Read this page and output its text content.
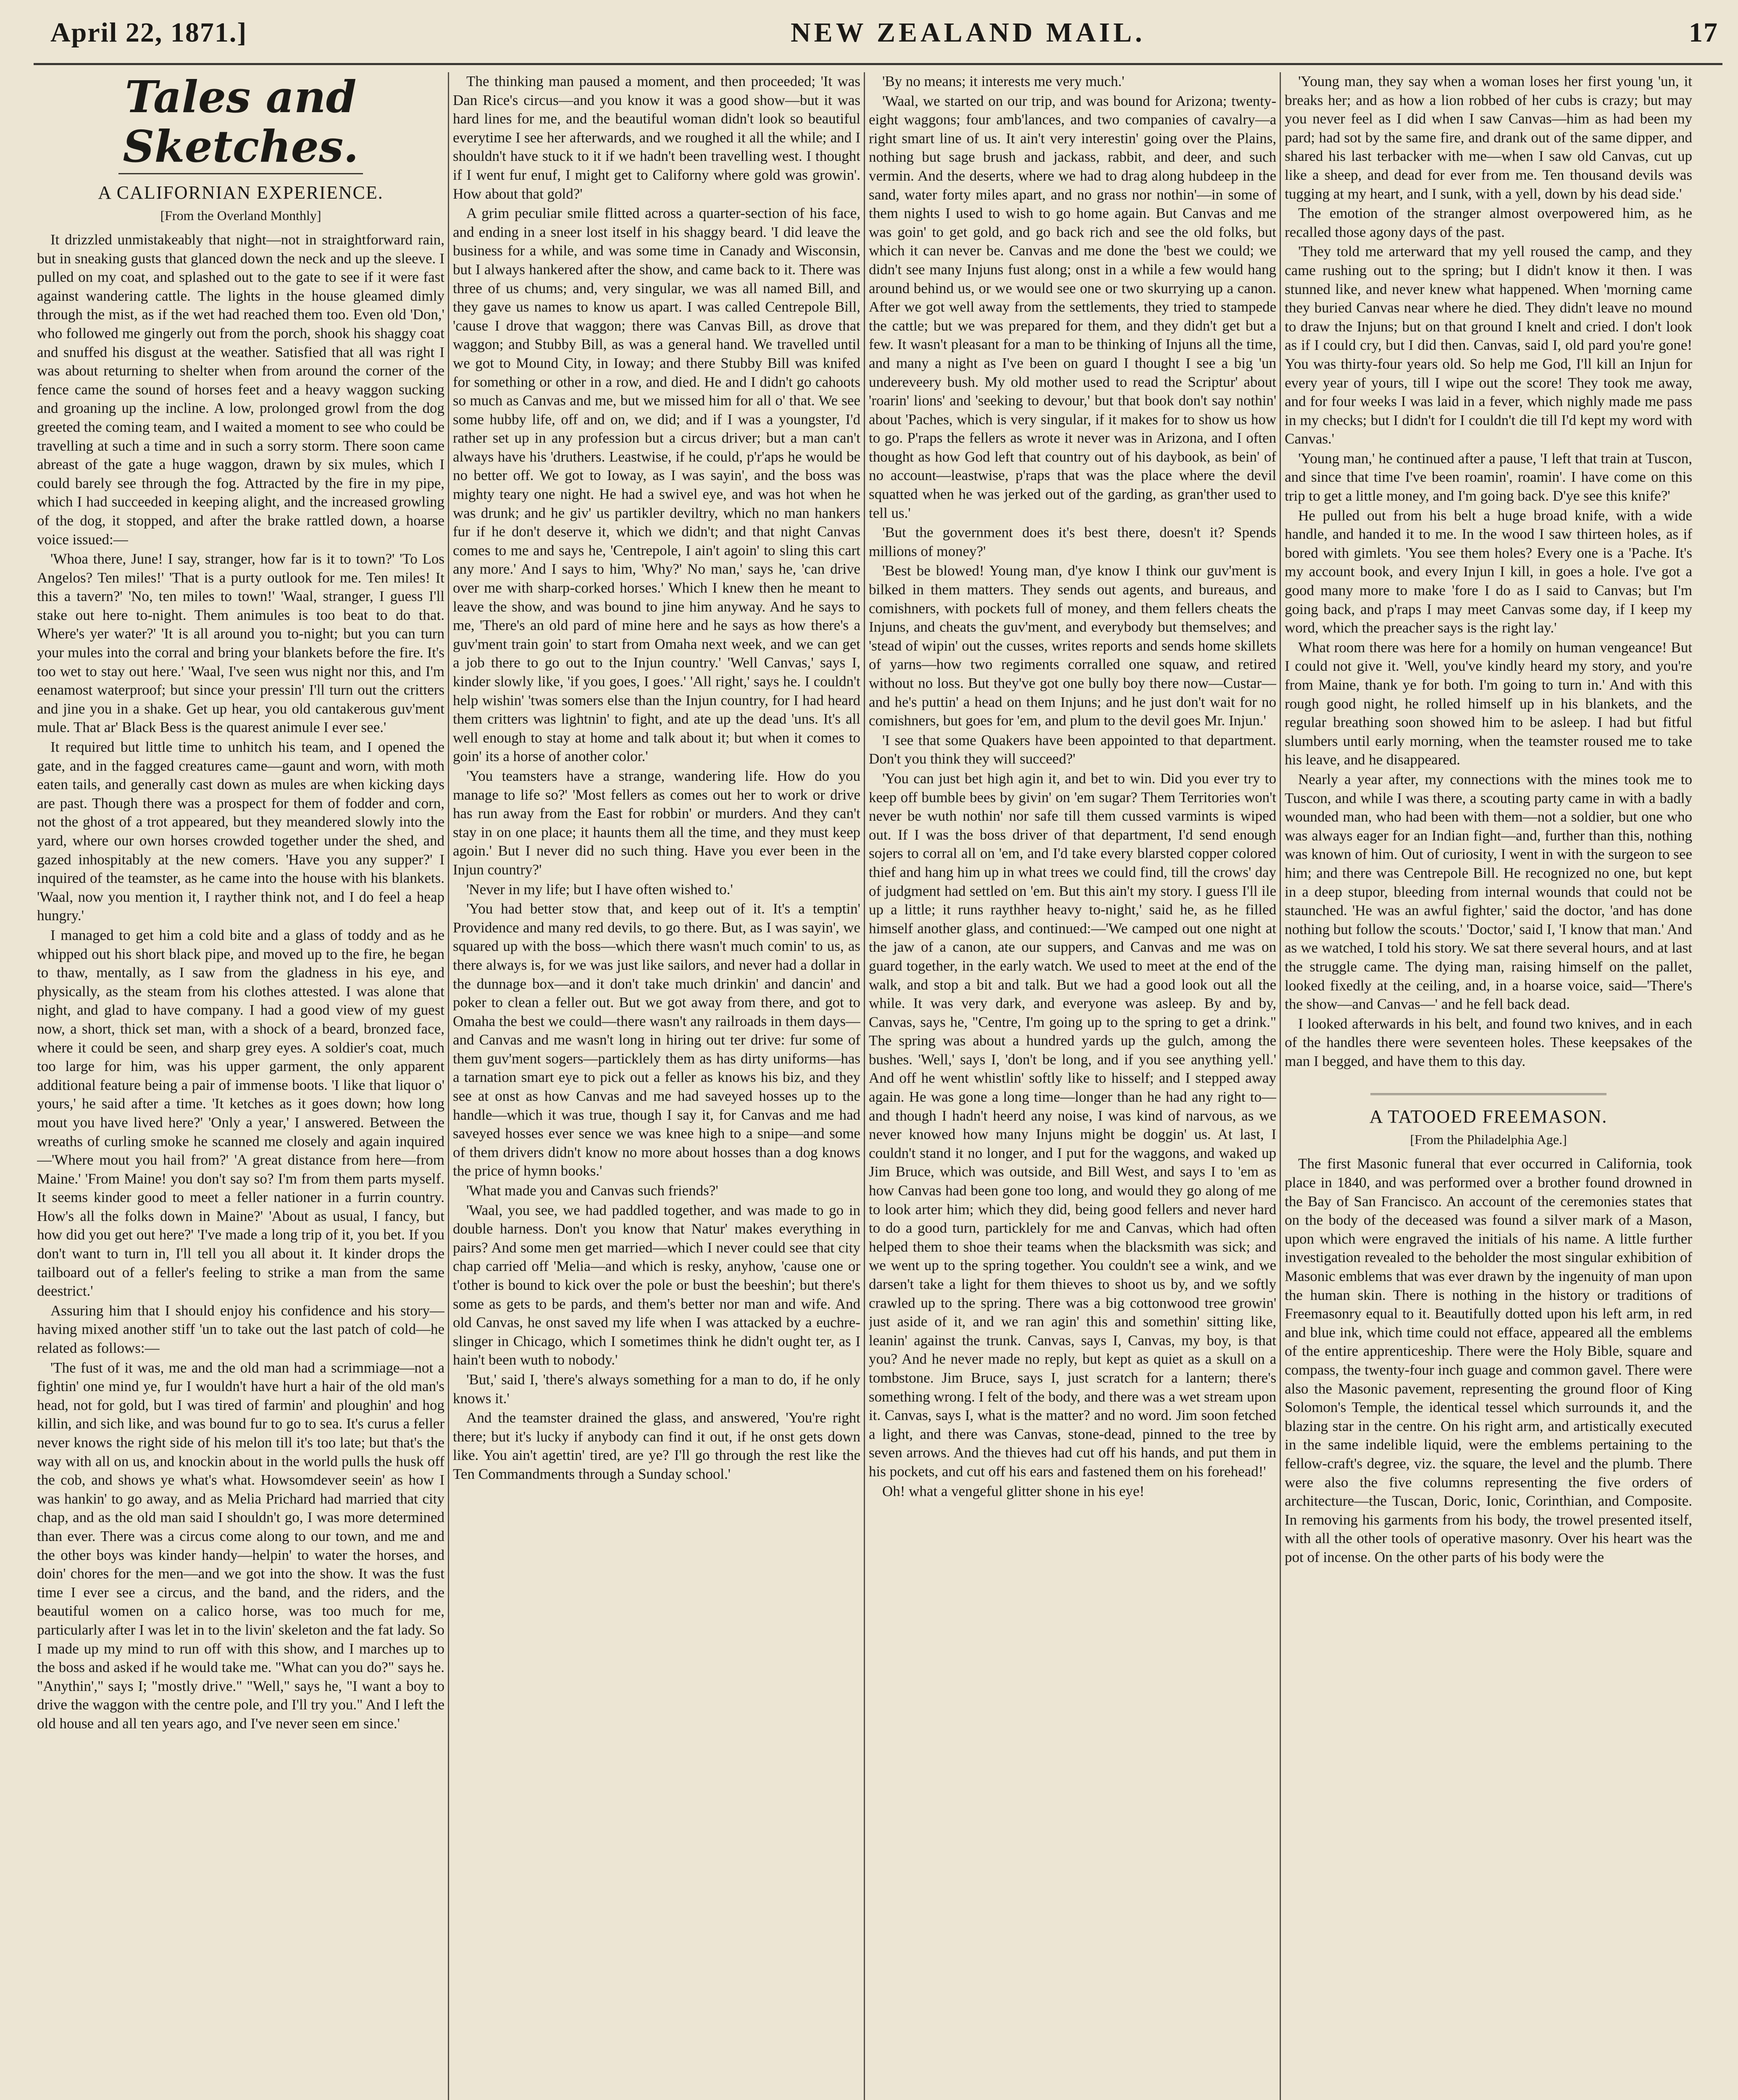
April 22, 1871.]	NEW ZEALAND MAIL.	17
Tales and Sketches.
A CALIFORNIAN EXPERIENCE.
[From the Overland Monthly]

It drizzled unmistakeably that night—not in straightforward rain, but in sneaking gusts that glanced down the neck and up the sleeve. I pulled on my coat, and splashed out to the gate to see if it were fast against wandering cattle. The lights in the house gleamed dimly through the mist, as if the wet had reached them too. Even old 'Don,' who followed me gingerly out from the porch, shook his shaggy coat and snuffed his disgust at the weather. Satisfied that all was right I was about returning to shelter when from around the corner of the fence came the sound of horses feet and a heavy waggon sucking and groaning up the incline. A low, prolonged growl from the dog greeted the coming team, and I waited a moment to see who could be travelling at such a time and in such a sorry storm. There soon came abreast of the gate a huge waggon, drawn by six mules, which I could barely see through the fog. Attracted by the fire in my pipe, which I had succeeded in keeping alight, and the increased growling of the dog, it stopped, and after the brake rattled down, a hoarse voice issued:—

'Whoa there, June! I say, stranger, how far is it to town?' 'To Los Angelos? Ten miles!' 'That is a purty outlook for me. Ten miles! It this a tavern?' 'No, ten miles to town!' 'Waal, stranger, I guess I'll stake out here to-night. Them animules is too beat to do that. Where's yer water?' 'It is all around you to-night; but you can turn your mules into the corral and bring your blankets before the fire. It's too wet to stay out here.' 'Waal, I've seen wus night nor this, and I'm eenamost waterproof; but since your pressin' I'll turn out the critters and jine you in a shake. Get up hear, you old cantakerous guv'ment mule. That ar' Black Bess is the quarest animule I ever see.'

It required but little time to unhitch his team, and I opened the gate, and in the fagged creatures came—gaunt and worn, with moth eaten tails, and generally cast down as mules are when kicking days are past. Though there was a prospect for them of fodder and corn, not the ghost of a trot appeared, but they meandered slowly into the yard, where our own horses crowded together under the shed, and gazed inhospitably at the new comers. 'Have you any supper?' I inquired of the teamster, as he came into the house with his blankets. 'Waal, now you mention it, I rayther think not, and I do feel a heap hungry.'

I managed to get him a cold bite and a glass of toddy and as he whipped out his short black pipe, and moved up to the fire, he began to thaw, mentally, as I saw from the gladness in his eye, and physically, as the steam from his clothes attested. I was alone that night, and glad to have company. I had a good view of my guest now, a short, thick set man, with a shock of a beard, bronzed face, where it could be seen, and sharp grey eyes. A soldier's coat, much too large for him, was his upper garment, the only apparent additional feature being a pair of immense boots. 'I like that liquor o' yours,' he said after a time. 'It ketches as it goes down; how long mout you have lived here?' 'Only a year,' I answered. Between the wreaths of curling smoke he scanned me closely and again inquired—'Where mout you hail from?' 'A great distance from here—from Maine.' 'From Maine! you don't say so? I'm from them parts myself. It seems kinder good to meet a feller nationer in a furrin country. How's all the folks down in Maine?' 'About as usual, I fancy, but how did you get out here?' 'I've made a long trip of it, you bet. If you don't want to turn in, I'll tell you all about it. It kinder drops the tailboard out of a feller's feeling to strike a man from the same deestrict.'

Assuring him that I should enjoy his confidence and his story—having mixed another stiff 'un to take out the last patch of cold—he related as follows:—

'The fust of it was, me and the old man had a scrimmiage—not a fightin' one mind ye, fur I wouldn't have hurt a hair of the old man's head, not for gold, but I was tired of farmin' and ploughin' and hog killin, and sich like, and was bound fur to go to sea. It's curus a feller never knows the right side of his melon till it's too late; but that's the way with all on us, and knockin about in the world pulls the husk off the cob, and shows ye what's what. Howsomdever seein' as how I was hankin' to go away, and as Melia Prichard had married that city chap, and as the old man said I shouldn't go, I was more determined than ever. There was a circus come along to our town, and me and the other boys was kinder handy—helpin' to water the horses, and doin' chores for the men—and we got into the show. It was the fust time I ever see a circus, and the band, and the riders, and the beautiful women on a calico horse, was too much for me, particularly after I was let in to the livin' skeleton and the fat lady. So I made up my mind to run off with this show, and I marches up to the boss and asked if he would take me. "What can you do?" says he. "Anythin'," says I; "mostly drive." "Well," says he, "I want a boy to drive the waggon with the centre pole, and I'll try you." And I left the old house and all ten years ago, and I've never seen em since.'

The thinking man paused a moment, and then proceeded; 'It was Dan Rice's circus—and you know it was a good show—but it was hard lines for me, and the beautiful woman didn't look so beautiful everytime I see her afterwards, and we roughed it all the while; and I shouldn't have stuck to it if we hadn't been travelling west. I thought if I went fur enuf, I might get to Californy where gold was growin'. How about that gold?'

A grim peculiar smile flitted across a quarter-section of his face, and ending in a sneer lost itself in his shaggy beard. 'I did leave the business for a while, and was some time in Canady and Wisconsin, but I always hankered after the show, and came back to it. There was three of us chums; and, very singular, we was all named Bill, and they gave us names to know us apart. I was called Centrepole Bill, 'cause I drove that waggon; there was Canvas Bill, as drove that waggon; and Stubby Bill, as was a general hand. We travelled until we got to Mound City, in Ioway; and there Stubby Bill was knifed for something or other in a row, and died. He and I didn't go cahoots so much as Canvas and me, but we missed him for all o' that. We see some hubby life, off and on, we did; and if I was a youngster, I'd rather set up in any profession but a circus driver; but a man can't always have his 'druthers. Leastwise, if he could, p'r'aps he would be no better off. We got to Ioway, as I was sayin', and the boss was mighty teary one night. He had a swivel eye, and was hot when he was drunk; and he giv' us partikler deviltry, which no man hankers fur if he don't deserve it, which we didn't; and that night Canvas comes to me and says he, 'Centrepole, I ain't agoin' to sling this cart any more.' And I says to him, 'Why?' No man,' says he, 'can drive over me with sharp-corked horses.' Which I knew then he meant to leave the show, and was bound to jine him anyway. And he says to me, 'There's an old pard of mine here and he says as how there's a guv'ment train goin' to start from Omaha next week, and we can get a job there to go out to the Injun country.' 'Well Canvas,' says I, kinder slowly like, 'if you goes, I goes.' 'All right,' says he. I couldn't help wishin' 'twas somers else than the Injun country, for I had heard them critters was lightnin' to fight, and ate up the dead 'uns. It's all well enough to stay at home and talk about it; but when it comes to goin' its a horse of another color.'

'You teamsters have a strange, wandering life. How do you manage to life so?' 'Most fellers as comes out her to work or drive has run away from the East for robbin' or murders. And they can't stay in on one place; it haunts them all the time, and they must keep agoin.' But I never did no such thing. Have you ever been in the Injun country?'

'Never in my life; but I have often wished to.'

'You had better stow that, and keep out of it. It's a temptin' Providence and many red devils, to go there. But, as I was sayin', we squared up with the boss—which there wasn't much comin' to us, as there always is, for we was just like sailors, and never had a dollar in the dunnage box—and it don't take much drinkin' and dancin' and poker to clean a feller out. But we got away from there, and got to Omaha the best we could—there wasn't any railroads in them days—and Canvas and me wasn't long in hiring out ter drive: fur some of them guv'ment sogers—particklely them as has dirty uniforms—has a tarnation smart eye to pick out a feller as knows his biz, and they see at onst as how Canvas and me had saveyed hosses up to the handle—which it was true, though I say it, for Canvas and me had saveyed hosses ever sence we was knee high to a snipe—and some of them drivers didn't know no more about hosses than a dog knows the price of hymn books.'

'What made you and Canvas such friends?'

'Waal, you see, we had paddled together, and was made to go in double harness. Don't you know that Natur' makes everything in pairs? And some men get married—which I never could see that city chap carried off 'Melia—and which is resky, anyhow, 'cause one or t'other is bound to kick over the pole or bust the beeshin'; but there's some as gets to be pards, and them's better nor man and wife. And old Canvas, he onst saved my life when I was attacked by a euchre-slinger in Chicago, which I sometimes think he didn't ought ter, as I hain't been wuth to nobody.'

'But,' said I, 'there's always something for a man to do, if he only knows it.'

And the teamster drained the glass, and answered, 'You're right there; but it's lucky if anybody can find it out, if he onst gets down like. You ain't agettin' tired, are ye? I'll go through the rest like the Ten Commandments through a Sunday school.'

'By no means; it interests me very much.'

'Waal, we started on our trip, and was bound for Arizona; twenty-eight waggons; four amb'lances, and two companies of cavalry—a right smart line of us. It ain't very interestin' going over the Plains, nothing but sage brush and jackass, rabbit, and deer, and such vermin. And the deserts, where we had to drag along hubdeep in the sand, water forty miles apart, and no grass nor nothin'—in some of them nights I used to wish to go home again. But Canvas and me was goin' to get gold, and go back rich and see the old folks, but which it can never be. Canvas and me done the 'best we could; we didn't see many Injuns fust along; onst in a while a few would hang around behind us, or we would see one or two skurrying up a canon. After we got well away from the settlements, they tried to stampede the cattle; but we was prepared for them, and they didn't get but a few. It wasn't pleasant for a man to be thinking of Injuns all the time, and many a night as I've been on guard I thought I see a big 'un undereveery bush. My old mother used to read the Scriptur' about 'roarin' lions' and 'seeking to devour,' but that book don't say nothin' about 'Paches, which is very singular, if it makes for to show us how to go. P'raps the fellers as wrote it never was in Arizona, and I often thought as how God left that country out of his daybook, as bein' of no account—leastwise, p'raps that was the place where the devil squatted when he was jerked out of the garding, as gran'ther used to tell us.'

'But the government does it's best there, doesn't it? Spends millions of money?'

'Best be blowed! Young man, d'ye know I think our guv'ment is bilked in them matters. They sends out agents, and bureaus, and comishners, with pockets full of money, and them fellers cheats the Injuns, and cheats the guv'ment, and everybody but themselves; and 'stead of wipin' out the cusses, writes reports and sends home skillets of yarns—how two regiments corralled one squaw, and retired without no loss. But they've got one bully boy there now—Custar—and he's puttin' a head on them Injuns; and he just don't wait for no comishners, but goes for 'em, and plum to the devil goes Mr. Injun.'

'I see that some Quakers have been appointed to that department. Don't you think they will succeed?'

'You can just bet high agin it, and bet to win. Did you ever try to keep off bumble bees by givin' on 'em sugar? Them Territories won't never be wuth nothin' nor safe till them cussed varmints is wiped out. If I was the boss driver of that department, I'd send enough sojers to corral all on 'em, and I'd take every blarsted copper colored thief and hang him up in what trees we could find, till the crows' day of judgment had settled on 'em. But this ain't my story. I guess I'll ile up a little; it runs raythher heavy to-night,' said he, as he filled himself another glass, and continued:—'We camped out one night at the jaw of a canon, ate our suppers, and Canvas and me was on guard together, in the early watch. We used to meet at the end of the walk, and stop a bit and talk. But we had a good look out all the while. It was very dark, and everyone was asleep. By and by, Canvas, says he, "Centre, I'm going up to the spring to get a drink." The spring was about a hundred yards up the gulch, among the bushes. 'Well,' says I, 'don't be long, and if you see anything yell.' And off he went whistlin' softly like to hisself; and I stepped away again. He was gone a long time—longer than he had any right to—and though I hadn't heerd any noise, I was kind of narvous, as we never knowed how many Injuns might be doggin' us. At last, I couldn't stand it no longer, and I put for the waggons, and waked up Jim Bruce, which was outside, and Bill West, and says I to 'em as how Canvas had been gone too long, and would they go along of me to look arter him; which they did, being good fellers and never hard to do a good turn, particklely for me and Canvas, which had often helped them to shoe their teams when the blacksmith was sick; and we went up to the spring together. You couldn't see a wink, and we darsen't take a light for them thieves to shoot us by, and we softly crawled up to the spring. There was a big cottonwood tree growin' just aside of it, and we ran agin' this and somethin' sitting like, leanin' against the trunk. Canvas, says I, Canvas, my boy, is that you? And he never made no reply, but kept as quiet as a skull on a tombstone. Jim Bruce, says I, just scratch for a lantern; there's something wrong. I felt of the body, and there was a wet stream upon it. Canvas, says I, what is the matter? and no word. Jim soon fetched a light, and there was Canvas, stone-dead, pinned to the tree by seven arrows. And the thieves had cut off his hands, and put them in his pockets, and cut off his ears and fastened them on his forehead!'

Oh! what a vengeful glitter shone in his eye!

'Young man, they say when a woman loses her first young 'un, it breaks her; and as how a lion robbed of her cubs is crazy; but may you never feel as I did when I saw Canvas—him as had been my pard; had sot by the same fire, and drank out of the same dipper, and shared his last terbacker with me—when I saw old Canvas, cut up like a sheep, and dead for ever from me. Ten thousand devils was tugging at my heart, and I sunk, with a yell, down by his dead side.'

The emotion of the stranger almost overpowered him, as he recalled those agony days of the past.

'They told me arterward that my yell roused the camp, and they came rushing out to the spring; but I didn't know it then. I was stunned like, and never knew what happened. When 'morning came they buried Canvas near where he died. They didn't leave no mound to draw the Injuns; but on that ground I knelt and cried. I don't look as if I could cry, but I did then. Canvas, said I, old pard you're gone! You was thirty-four years old. So help me God, I'll kill an Injun for every year of yours, till I wipe out the score! They took me away, and for four weeks I was laid in a fever, which nighly made me pass in my checks; but I didn't for I couldn't die till I'd kept my word with Canvas.'

'Young man,' he continued after a pause, 'I left that train at Tuscon, and since that time I've been roamin', roamin'. I have come on this trip to get a little money, and I'm going back. D'ye see this knife?'

He pulled out from his belt a huge broad knife, with a wide handle, and handed it to me. In the wood I saw thirteen holes, as if bored with gimlets. 'You see them holes? Every one is a 'Pache. It's my account book, and every Injun I kill, in goes a hole. I've got a good many more to make 'fore I do as I said to Canvas; but I'm going back, and p'raps I may meet Canvas some day, if I keep my word, which the preacher says is the right lay.'

What room there was here for a homily on human vengeance! But I could not give it. 'Well, you've kindly heard my story, and you're from Maine, thank ye for both. I'm going to turn in.' And with this rough good night, he rolled himself up in his blankets, and the regular breathing soon showed him to be asleep. I had but fitful slumbers until early morning, when the teamster roused me to take his leave, and he disappeared.

Nearly a year after, my connections with the mines took me to Tuscon, and while I was there, a scouting party came in with a badly wounded man, who had been with them—not a soldier, but one who was always eager for an Indian fight—and, further than this, nothing was known of him. Out of curiosity, I went in with the surgeon to see him; and there was Centrepole Bill. He recognized no one, but kept in a deep stupor, bleeding from internal wounds that could not be staunched. 'He was an awful fighter,' said the doctor, 'and has done nothing but follow the scouts.' 'Doctor,' said I, 'I know that man.' And as we watched, I told his story. We sat there several hours, and at last the struggle came. The dying man, raising himself on the pallet, looked fixedly at the ceiling, and, in a hoarse voice, said—'There's the show—and Canvas—' and he fell back dead.

I looked afterwards in his belt, and found two knives, and in each of the handles there were seventeen holes. These keepsakes of the man I begged, and have them to this day.

A TATOOED FREEMASON.
[From the Philadelphia Age.]

The first Masonic funeral that ever occurred in California, took place in 1840, and was performed over a brother found drowned in the Bay of San Francisco. An account of the ceremonies states that on the body of the deceased was found a silver mark of a Mason, upon which were engraved the initials of his name. A little further investigation revealed to the beholder the most singular exhibition of Masonic emblems that was ever drawn by the ingenuity of man upon the human skin. There is nothing in the history or traditions of Freemasonry equal to it. Beautifully dotted upon his left arm, in red and blue ink, which time could not efface, appeared all the emblems of the entire apprenticeship. There were the Holy Bible, square and compass, the twenty-four inch guage and common gavel. There were also the Masonic pavement, representing the ground floor of King Solomon's Temple, the identical tessel which surrounds it, and the blazing star in the centre. On his right arm, and artistically executed in the same indelible liquid, were the emblems pertaining to the fellow-craft's degree, viz. the square, the level and the plumb. There were also the five columns representing the five orders of architecture—the Tuscan, Doric, Ionic, Corinthian, and Composite. In removing his garments from his body, the trowel presented itself, with all the other tools of operative masonry. Over his heart was the pot of incense. On the other parts of his body were the
